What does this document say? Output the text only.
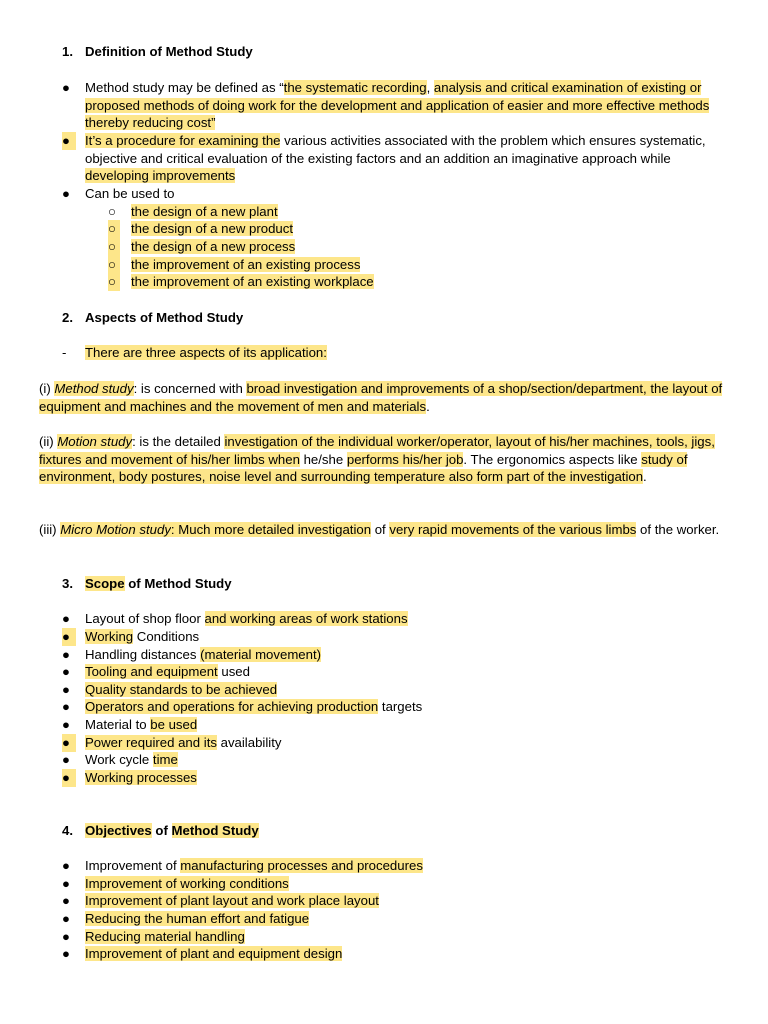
1. Definition of Method Study
●	Method study may be defined as “the systematic recording, analysis and critical examination of existing or proposed methods of doing work for the development and application of easier and more effective methods thereby reducing cost”
●	It’s a procedure for examining the various activities associated with the problem which ensures systematic, objective and critical evaluation of the existing factors and an addition an imaginative approach while developing improvements
●	Can be used to
○	the design of a new plant
○	the design of a new product
○	the design of a new process
○	the improvement of an existing process
○	the improvement of an existing workplace
2. Aspects of Method Study
- There are three aspects of its application:
(i) Method study: is concerned with broad investigation and improvements of a shop/section/department, the layout of equipment and machines and the movement of men and materials.
(ii) Motion study: is the detailed investigation of the individual worker/operator, layout of his/her machines, tools, jigs, fixtures and movement of his/her limbs when he/she performs his/her job. The ergonomics aspects like study of environment, body postures, noise level and surrounding temperature also form part of the investigation.
(iii) Micro Motion study: Much more detailed investigation of very rapid movements of the various limbs of the worker.
3. Scope of Method Study
●	Layout of shop floor and working areas of work stations
●	Working Conditions
●	Handling distances (material movement)
●	Tooling and equipment used
●	Quality standards to be achieved
●	Operators and operations for achieving production targets
●	Material to be used
●	Power required and its availability
●	Work cycle time
●	Working processes
4. Objectives of Method Study
●	Improvement of manufacturing processes and procedures
●	Improvement of working conditions
●	Improvement of plant layout and work place layout
●	Reducing the human effort and fatigue
●	Reducing material handling
●	Improvement of plant and equipment design
